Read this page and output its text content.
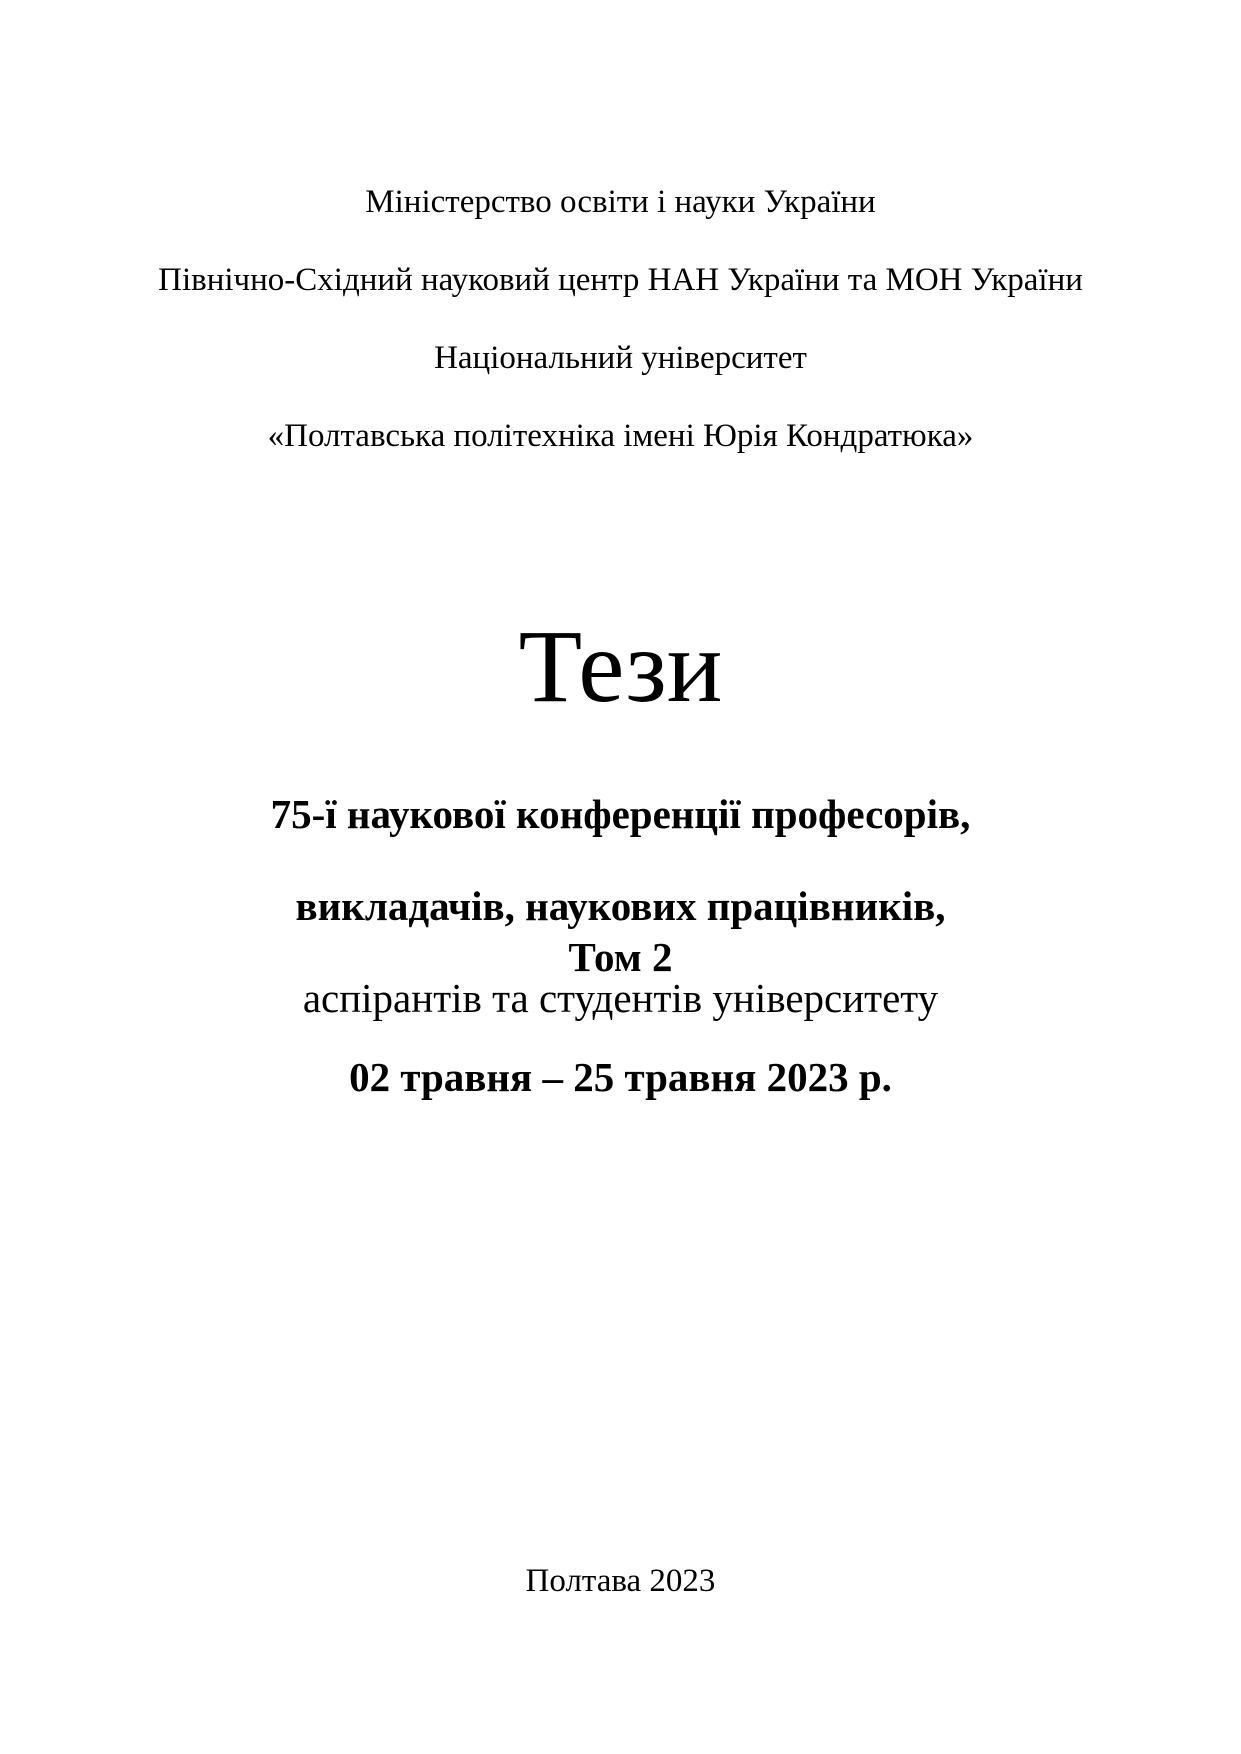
Міністерство освіти і науки України

Північно-Східний науковий центр НАН України та МОН України

Національний університет

«Полтавська політехніка імені Юрія Кондратюка»

Тези

75-ї наукової конференції професорів,

викладачів, наукових працівників,

аспірантів та студентів університету

Том 2
02 травня – 25 травня 2023 р.
Полтава 2023
